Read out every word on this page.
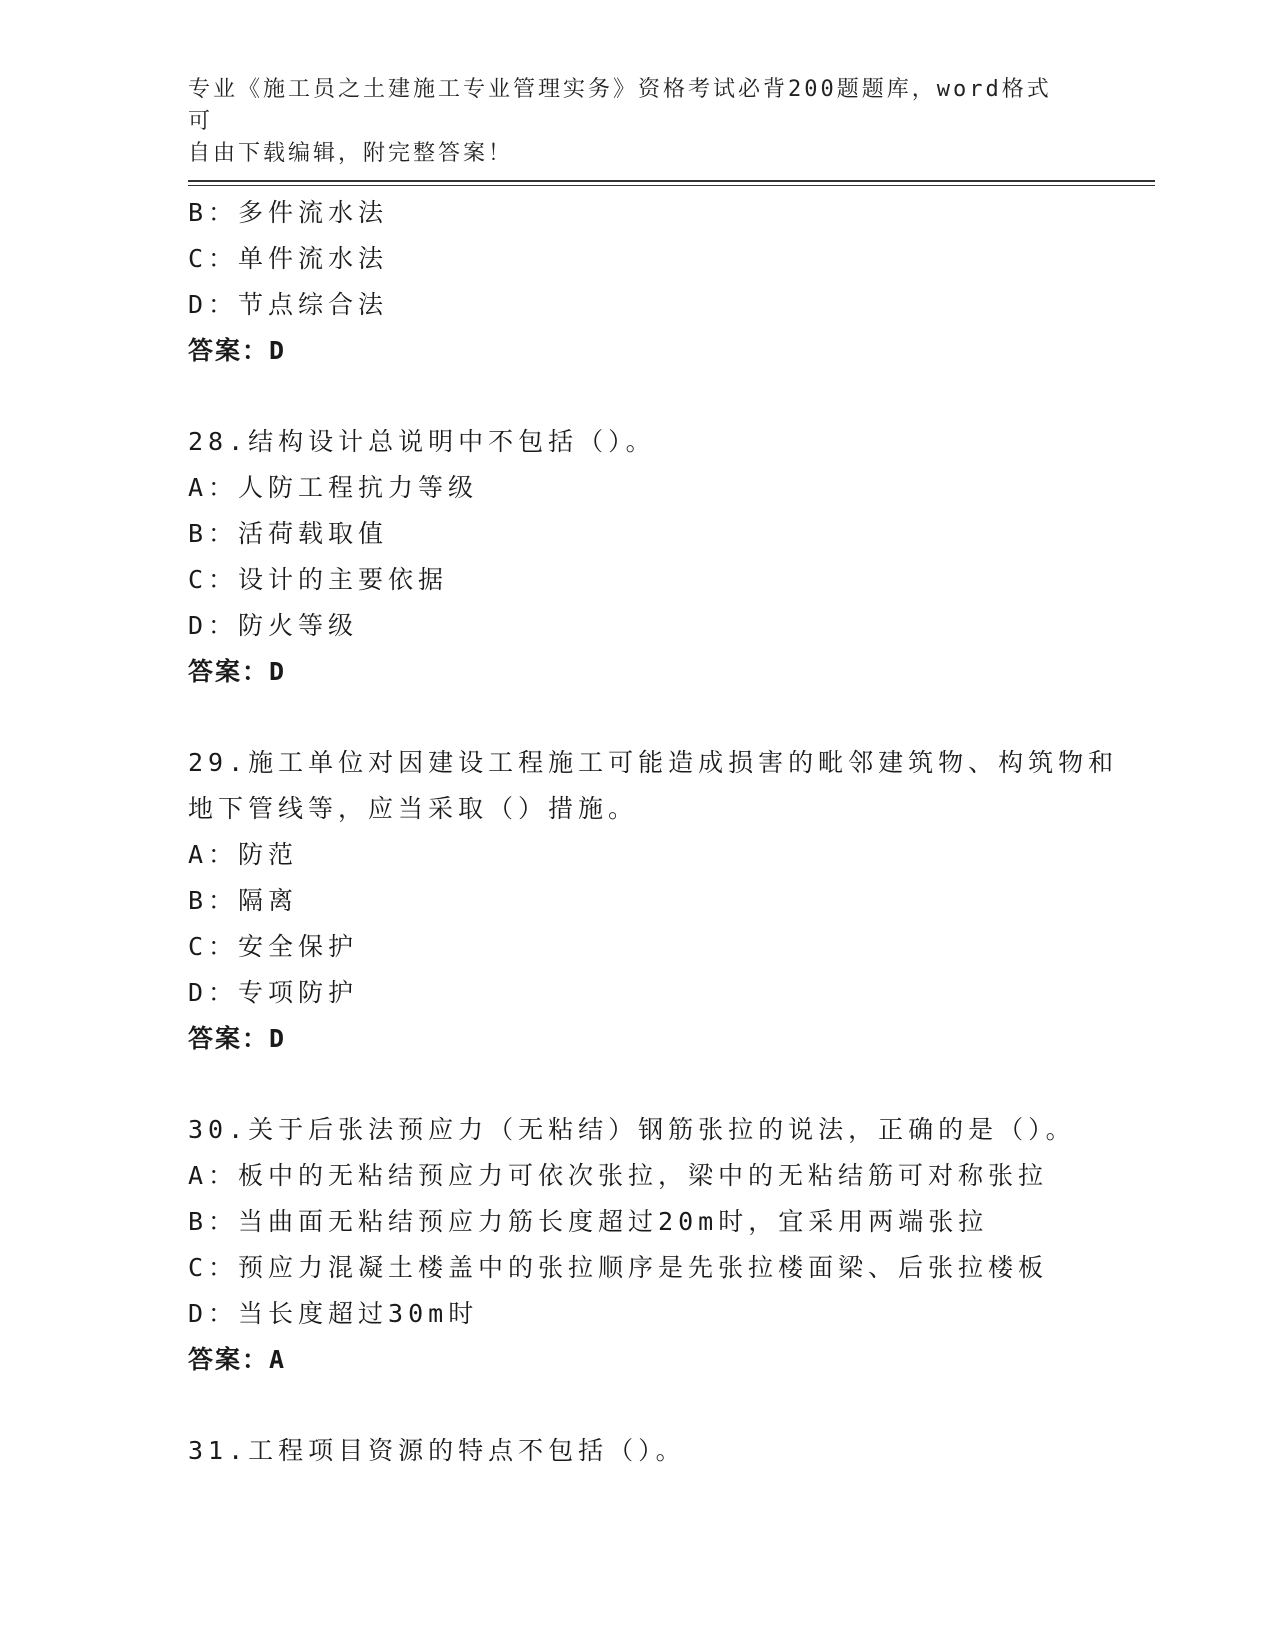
专业《施工员之土建施工专业管理实务》资格考试必背200题题库，word格式可
自由下载编辑，附完整答案！
B：多件流水法
C：单件流水法
D：节点综合法
答案：D
28.结构设计总说明中不包括（）。
A：人防工程抗力等级
B：活荷载取值
C：设计的主要依据
D：防火等级
答案：D
29.施工单位对因建设工程施工可能造成损害的毗邻建筑物、构筑物和
地下管线等，应当采取（）措施。
A：防范
B：隔离
C：安全保护
D：专项防护
答案：D
30.关于后张法预应力（无粘结）钢筋张拉的说法，正确的是（）。
A：板中的无粘结预应力可依次张拉，梁中的无粘结筋可对称张拉
B：当曲面无粘结预应力筋长度超过20m时，宜采用两端张拉
C：预应力混凝土楼盖中的张拉顺序是先张拉楼面梁、后张拉楼板
D：当长度超过30m时
答案：A
31.工程项目资源的特点不包括（）。
